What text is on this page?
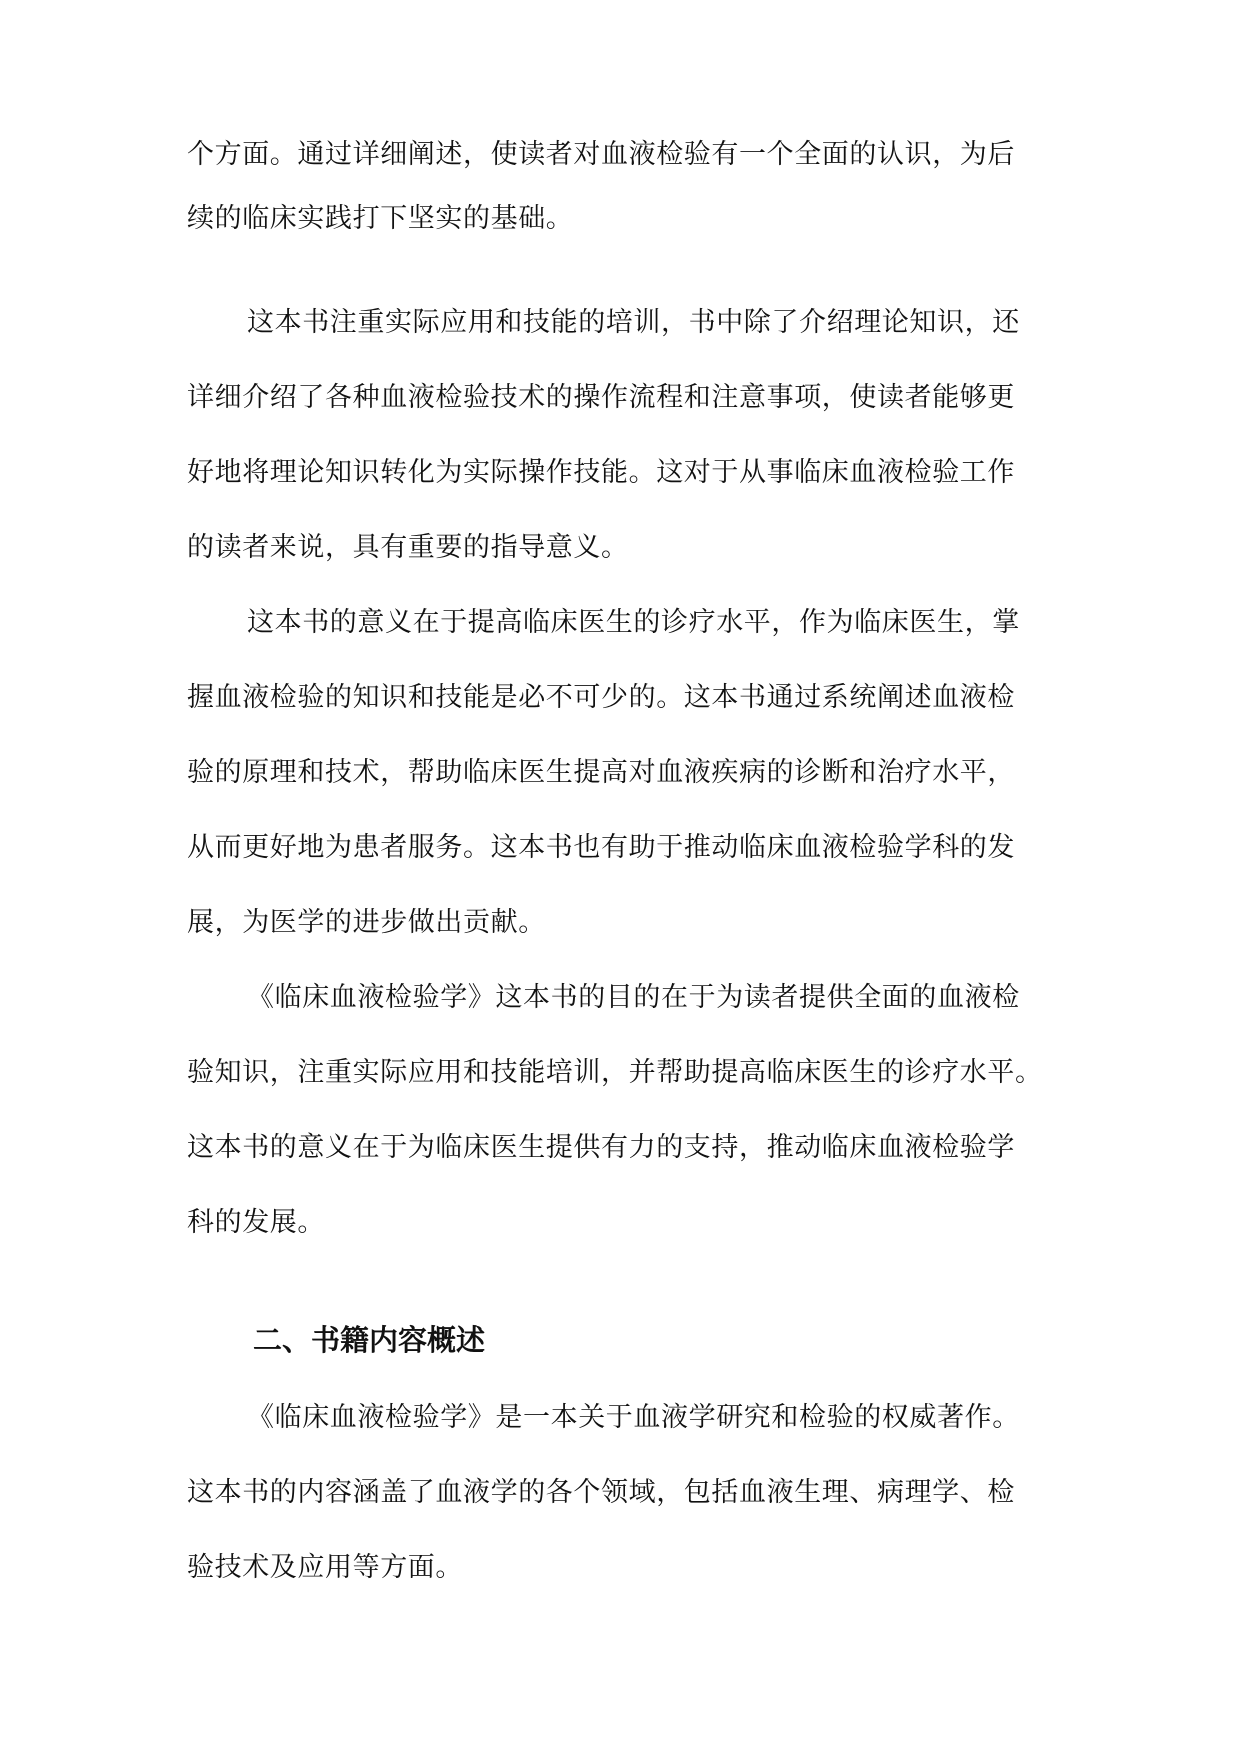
个方面。通过详细阐述，使读者对血液检验有一个全面的认识，为后
续的临床实践打下坚实的基础。
这本书注重实际应用和技能的培训，书中除了介绍理论知识，还
详细介绍了各种血液检验技术的操作流程和注意事项，使读者能够更
好地将理论知识转化为实际操作技能。这对于从事临床血液检验工作
的读者来说，具有重要的指导意义。
这本书的意义在于提高临床医生的诊疗水平，作为临床医生，掌
握血液检验的知识和技能是必不可少的。这本书通过系统阐述血液检
验的原理和技术，帮助临床医生提高对血液疾病的诊断和治疗水平，
从而更好地为患者服务。这本书也有助于推动临床血液检验学科的发
展，为医学的进步做出贡献。
《临床血液检验学》这本书的目的在于为读者提供全面的血液检
验知识，注重实际应用和技能培训，并帮助提高临床医生的诊疗水平。
这本书的意义在于为临床医生提供有力的支持，推动临床血液检验学
科的发展。
二、书籍内容概述
《临床血液检验学》是一本关于血液学研究和检验的权威著作。
这本书的内容涵盖了血液学的各个领域，包括血液生理、病理学、检
验技术及应用等方面。
